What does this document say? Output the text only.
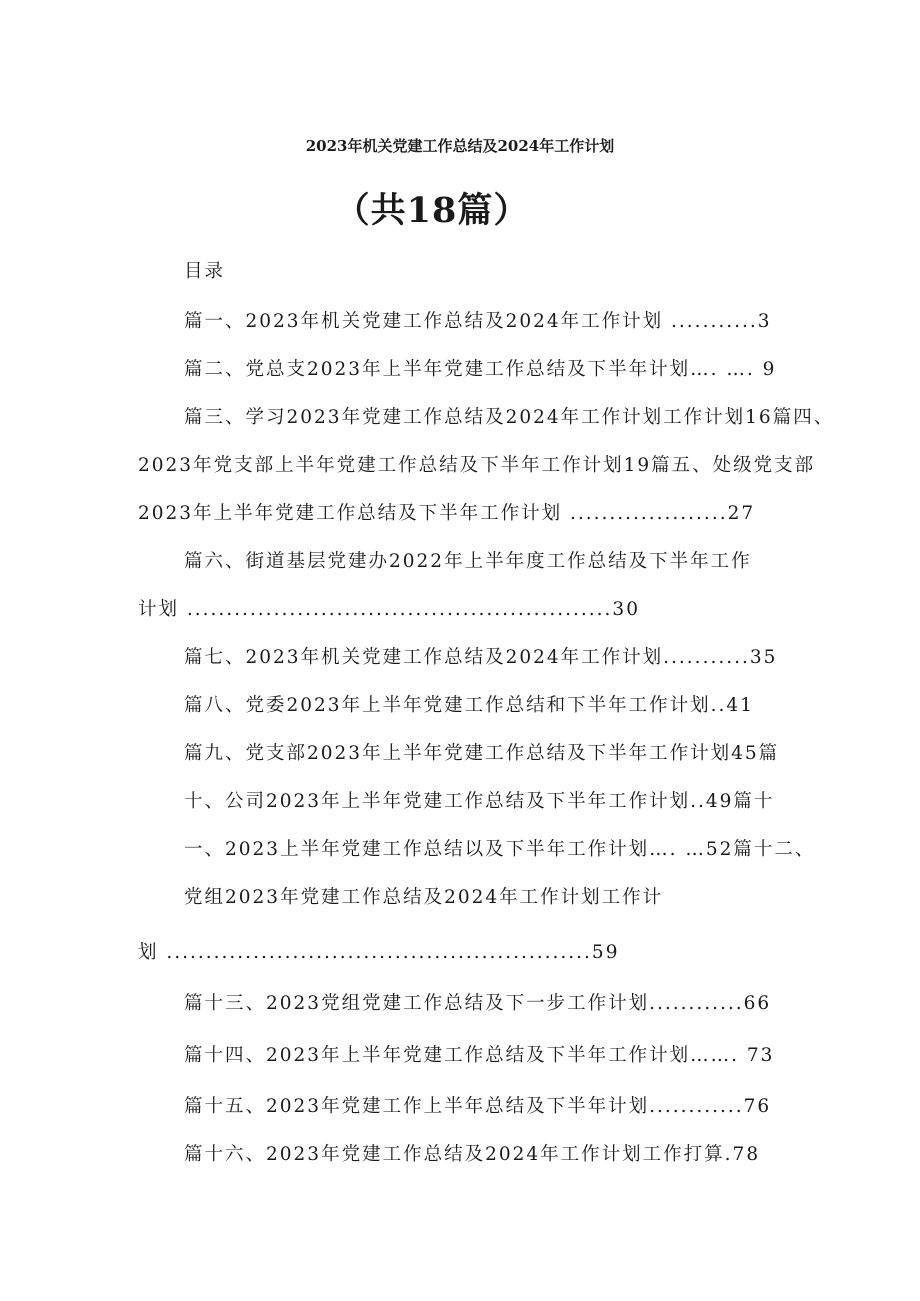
2023年机关党建工作总结及2024年工作计划
（共18篇）
目录
篇一、2023年机关党建工作总结及2024年工作计划 ...........3
篇二、党总支2023年上半年党建工作总结及下半年计划…. …. 9
篇三、学习2023年党建工作总结及2024年工作计划工作计划16篇四、
2023年党支部上半年党建工作总结及下半年工作计划19篇五、处级党支部
2023年上半年党建工作总结及下半年工作计划 ....................27
篇六、街道基层党建办2022年上半年度工作总结及下半年工作
计划 ......................................................30
篇七、2023年机关党建工作总结及2024年工作计划...........35
篇八、党委2023年上半年党建工作总结和下半年工作计划..41
篇九、党支部2023年上半年党建工作总结及下半年工作计划45篇
十、公司2023年上半年党建工作总结及下半年工作计划..49篇十
一、2023上半年党建工作总结以及下半年工作计划…. …52篇十二、
党组2023年党建工作总结及2024年工作计划工作计
划 ......................................................59
篇十三、2023党组党建工作总结及下一步工作计划............66
篇十四、2023年上半年党建工作总结及下半年工作计划……. 73
篇十五、2023年党建工作上半年总结及下半年计划............76
篇十六、2023年党建工作总结及2024年工作计划工作打算.78
